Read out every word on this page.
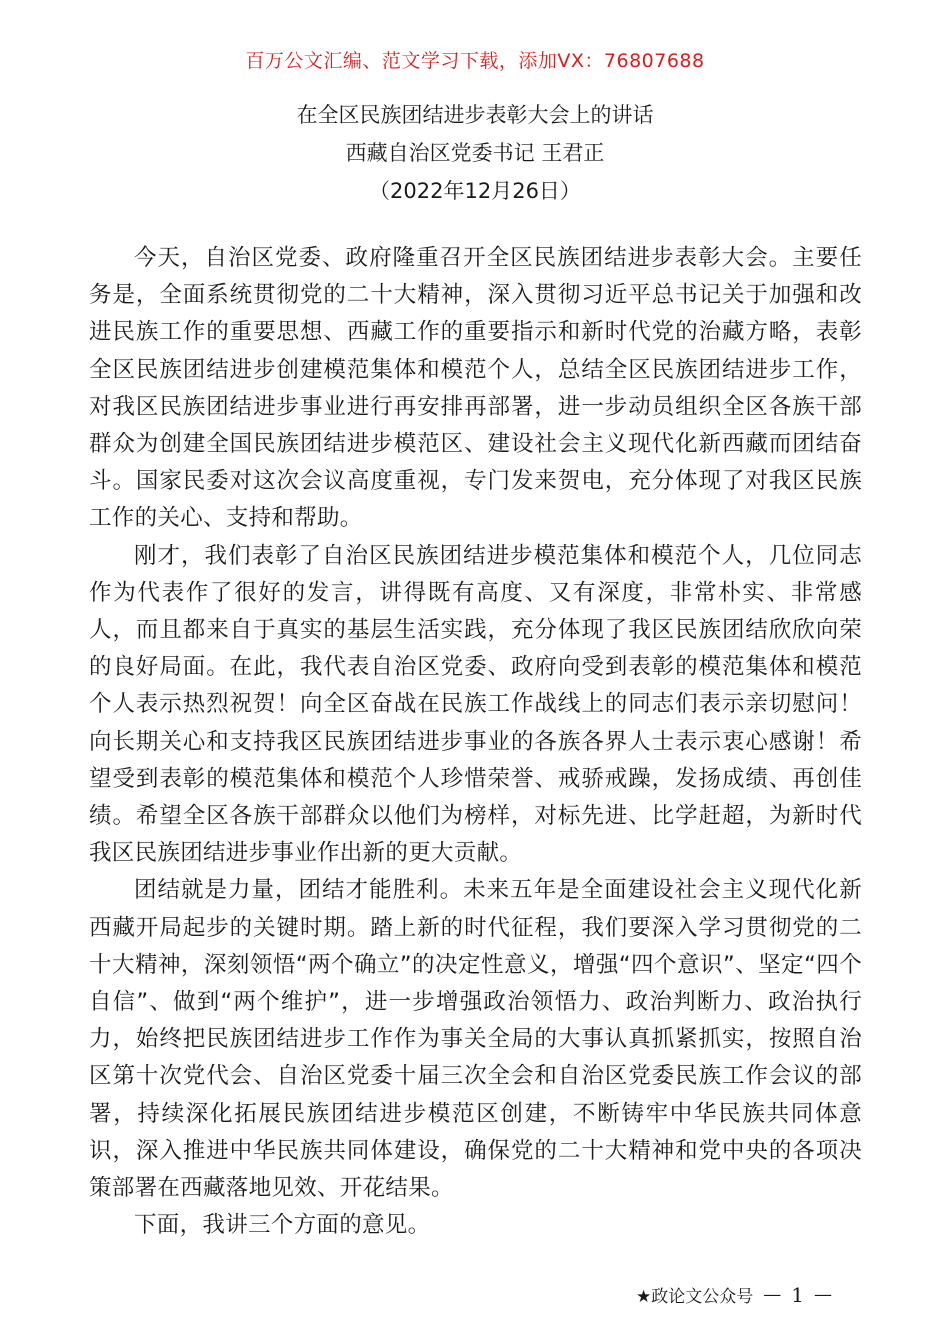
百万公文汇编、范文学习下载，添加VX：76807688
在全区民族团结进步表彰大会上的讲话
西藏自治区党委书记 王君正
（2022年12月26日）

今天，自治区党委、政府隆重召开全区民族团结进步表彰大会。主要任务是，全面系统贯彻党的二十大精神，深入贯彻习近平总书记关于加强和改进民族工作的重要思想、西藏工作的重要指示和新时代党的治藏方略，表彰全区民族团结进步创建模范集体和模范个人，总结全区民族团结进步工作，对我区民族团结进步事业进行再安排再部署，进一步动员组织全区各族干部群众为创建全国民族团结进步模范区、建设社会主义现代化新西藏而团结奋斗。国家民委对这次会议高度重视，专门发来贺电，充分体现了对我区民族工作的关心、支持和帮助。

刚才，我们表彰了自治区民族团结进步模范集体和模范个人，几位同志作为代表作了很好的发言，讲得既有高度、又有深度，非常朴实、非常感人，而且都来自于真实的基层生活实践，充分体现了我区民族团结欣欣向荣的良好局面。在此，我代表自治区党委、政府向受到表彰的模范集体和模范个人表示热烈祝贺！向全区奋战在民族工作战线上的同志们表示亲切慰问！向长期关心和支持我区民族团结进步事业的各族各界人士表示衷心感谢！希望受到表彰的模范集体和模范个人珍惜荣誉、戒骄戒躁，发扬成绩、再创佳绩。希望全区各族干部群众以他们为榜样，对标先进、比学赶超，为新时代我区民族团结进步事业作出新的更大贡献。

团结就是力量，团结才能胜利。未来五年是全面建设社会主义现代化新西藏开局起步的关键时期。踏上新的时代征程，我们要深入学习贯彻党的二十大精神，深刻领悟“两个确立”的决定性意义，增强“四个意识”、坚定“四个自信”、做到“两个维护”，进一步增强政治领悟力、政治判断力、政治执行力，始终把民族团结进步工作作为事关全局的大事认真抓紧抓实，按照自治区第十次党代会、自治区党委十届三次全会和自治区党委民族工作会议的部署，持续深化拓展民族团结进步模范区创建，不断铸牢中华民族共同体意识，深入推进中华民族共同体建设，确保党的二十大精神和党中央的各项决策部署在西藏落地见效、开花结果。

下面，我讲三个方面的意见。

★政论文公众号 — 1 —
